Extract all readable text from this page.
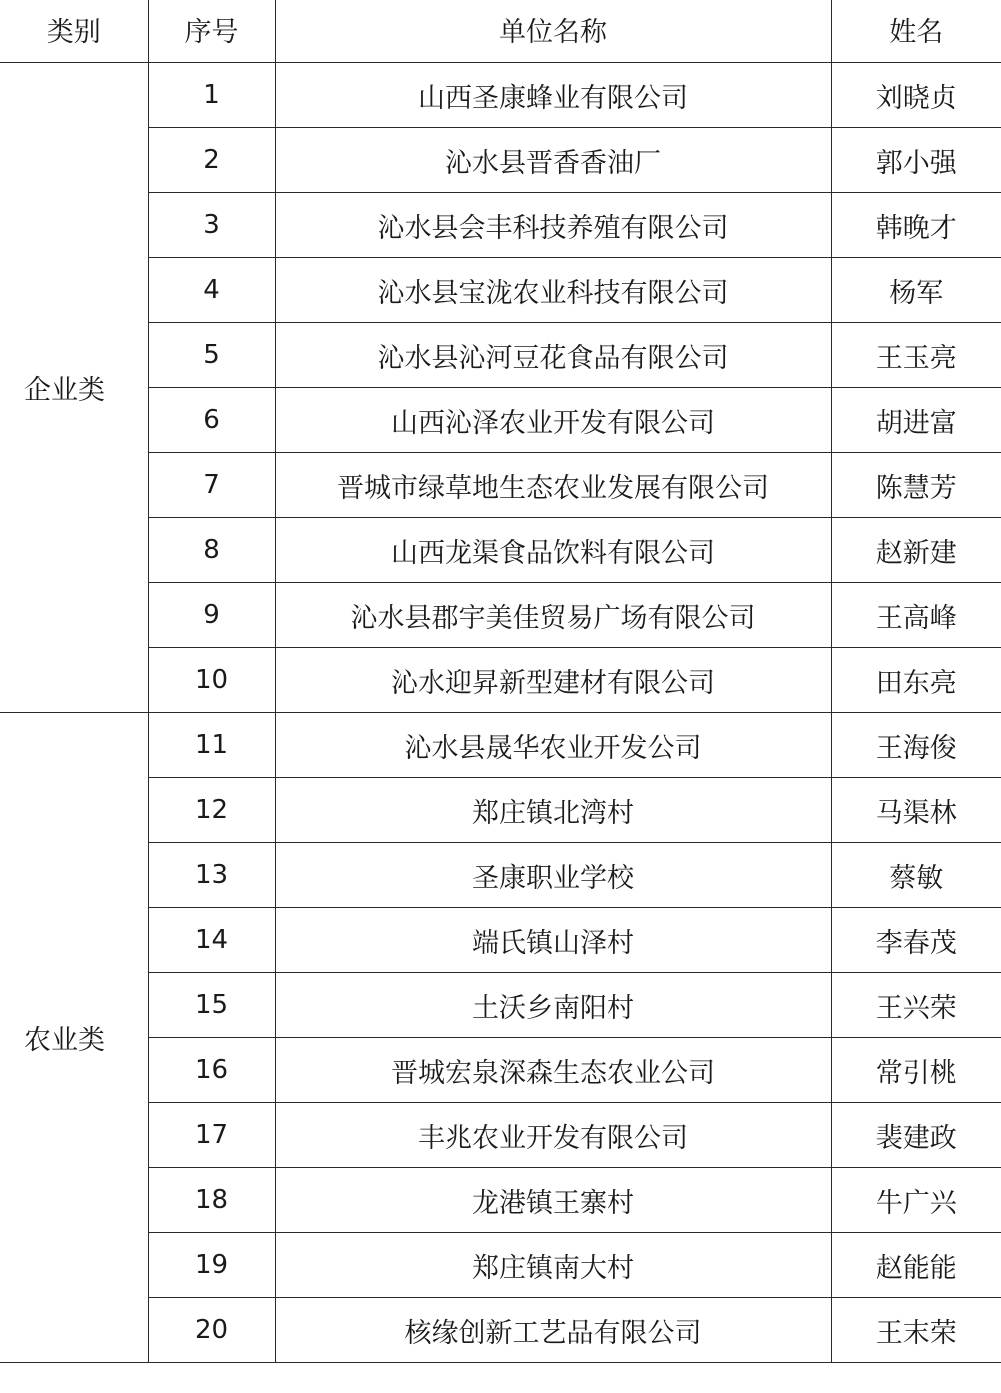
类别	序号	单位名称	姓名
企业类	1	山西圣康蜂业有限公司	刘晓贞
	2	沁水县晋香香油厂	郭小强
	3	沁水县会丰科技养殖有限公司	韩晚才
	4	沁水县宝泷农业科技有限公司	杨军
	5	沁水县沁河豆花食品有限公司	王玉亮
	6	山西沁泽农业开发有限公司	胡进富
	7	晋城市绿草地生态农业发展有限公司	陈慧芳
	8	山西龙渠食品饮料有限公司	赵新建
	9	沁水县郡宇美佳贸易广场有限公司	王高峰
	10	沁水迎昇新型建材有限公司	田东亮
农业类	11	沁水县晟华农业开发公司	王海俊
	12	郑庄镇北湾村	马渠林
	13	圣康职业学校	蔡敏
	14	端氏镇山泽村	李春茂
	15	土沃乡南阳村	王兴荣
	16	晋城宏泉深森生态农业公司	常引桃
	17	丰兆农业开发有限公司	裴建政
	18	龙港镇王寨村	牛广兴
	19	郑庄镇南大村	赵能能
	20	核缘创新工艺品有限公司	王末荣
